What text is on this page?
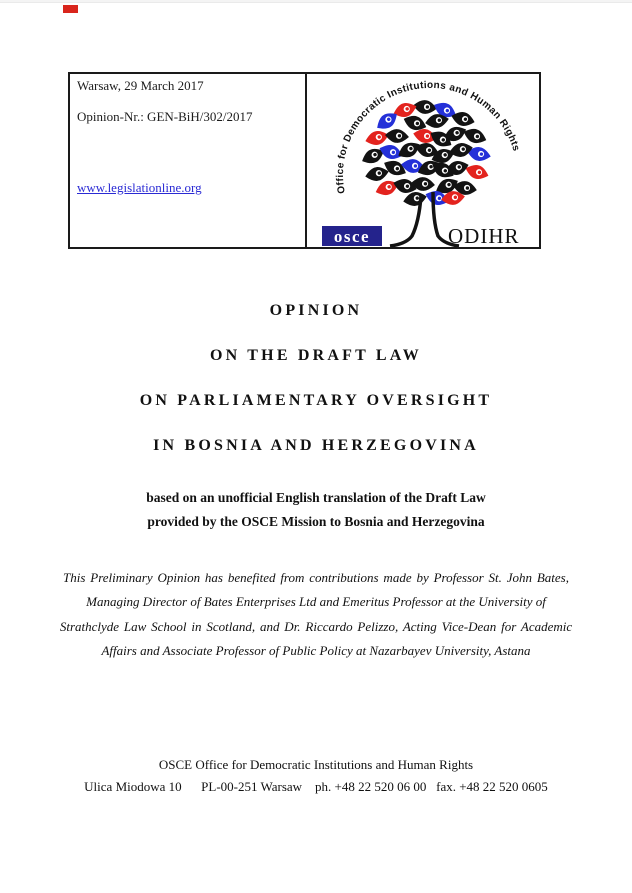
Warsaw, 29 March 2017
Opinion-Nr.: GEN-BiH/302/2017
www.legislationline.org	Office for Democratic Institutions and Human Rights
osce	ODIHR
OPINION
ON THE DRAFT LAW
ON PARLIAMENTARY OVERSIGHT
IN BOSNIA AND HERZEGOVINA
based on an unofficial English translation of the Draft Law
provided by the OSCE Mission to Bosnia and Herzegovina
This Preliminary Opinion has benefited from contributions made by Professor St. John Bates,
Managing Director of Bates Enterprises Ltd and Emeritus Professor at the University of
Strathclyde Law School in Scotland, and Dr. Riccardo Pelizzo, Acting Vice-Dean for Academic
Affairs and Associate Professor of Public Policy at Nazarbayev University, Astana
OSCE Office for Democratic Institutions and Human Rights
Ulica Miodowa 10      PL-00-251 Warsaw    ph. +48 22 520 06 00   fax. +48 22 520 0605
